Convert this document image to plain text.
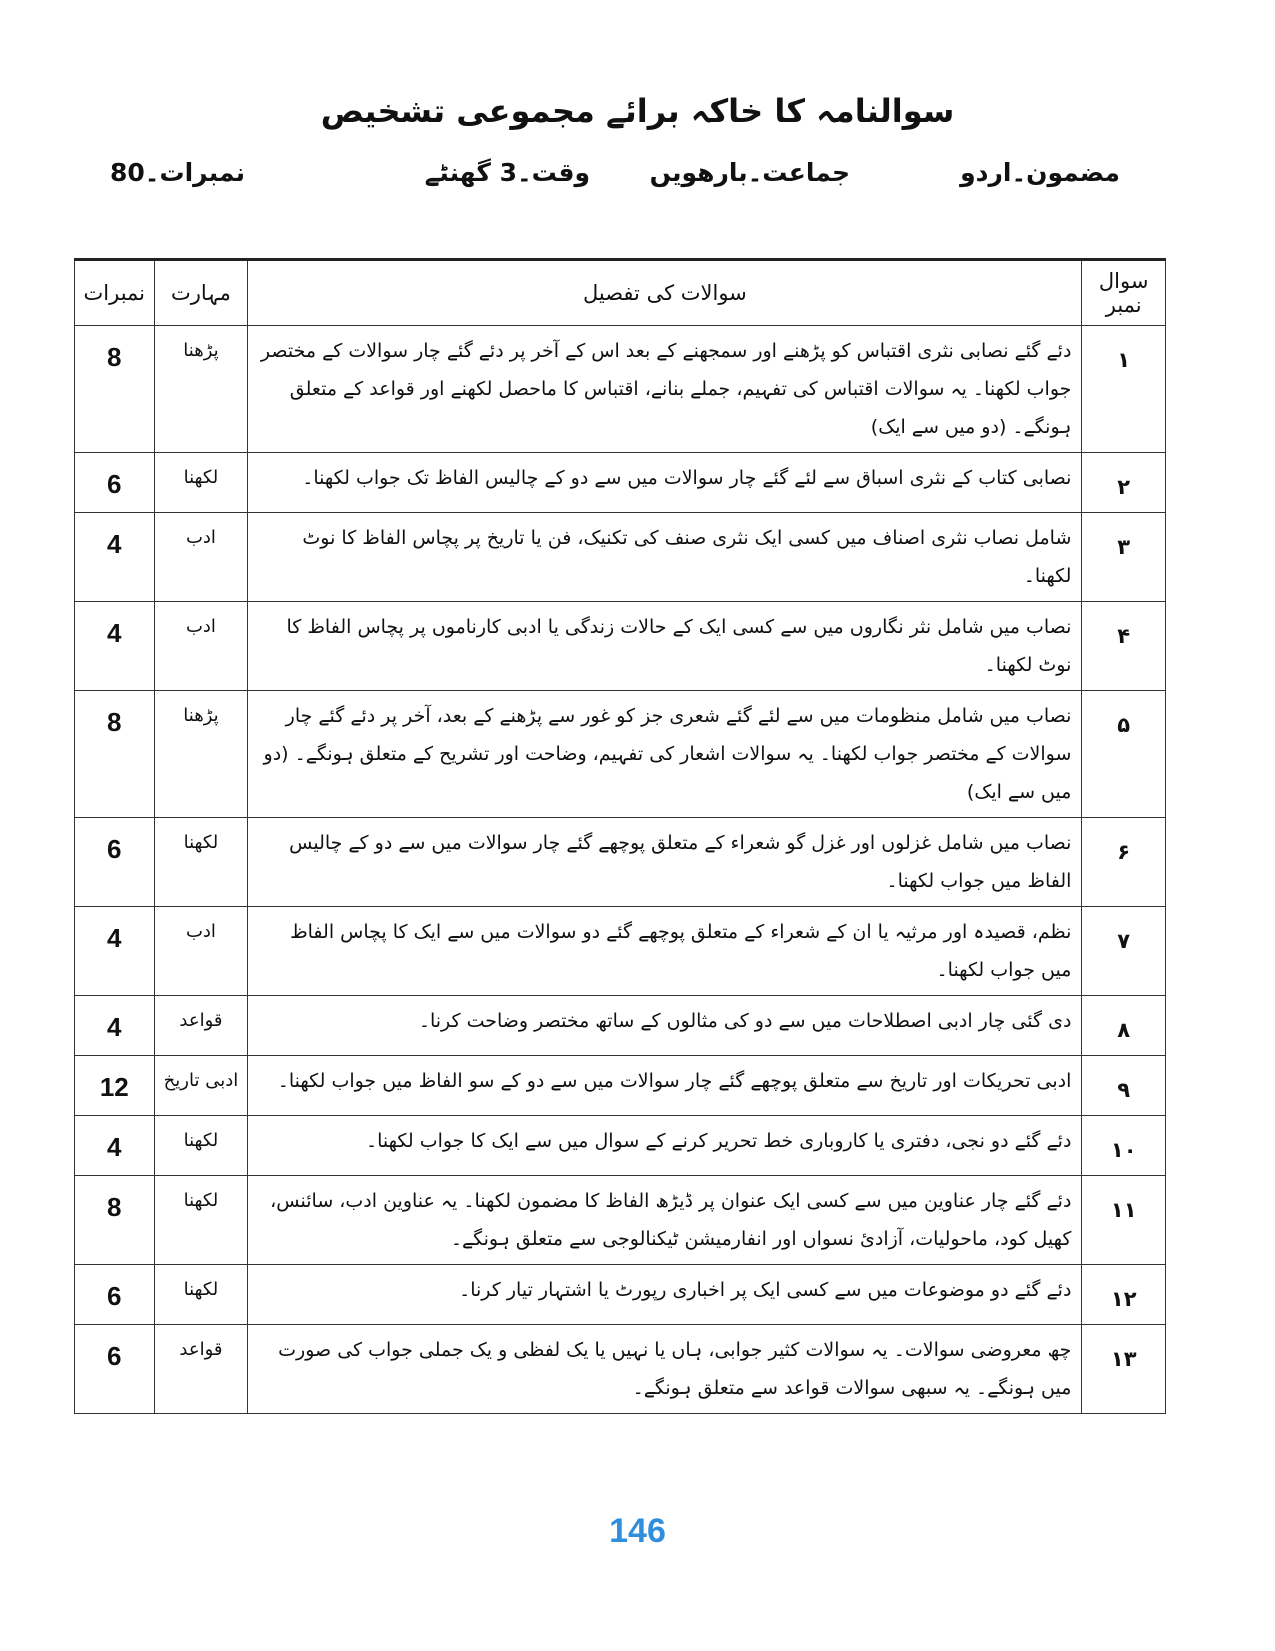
سوالنامہ کا خاکہ برائے مجموعی تشخیص
مضمون۔اردو
جماعت۔بارھویں
وقت۔3 گھنٹے
نمبرات۔80
سوال نمبر	سوالات کی تفصیل	مہارت	نمبرات
۱	دئے گئے نصابی نثری اقتباس کو پڑھنے اور سمجھنے کے بعد اس کے آخر پر دئے گئے چار سوالات کے مختصر جواب لکھنا۔ یہ سوالات اقتباس کی تفہیم، جملے بنانے، اقتباس کا ماحصل لکھنے اور قواعد کے متعلق ہونگے۔ (دو میں سے ایک)	پڑھنا	8
۲	نصابی کتاب کے نثری اسباق سے لئے گئے چار سوالات میں سے دو کے چالیس الفاظ تک جواب لکھنا۔	لکھنا	6
۳	شامل نصاب نثری اصناف میں کسی ایک نثری صنف کی تکنیک، فن یا تاریخ پر پچاس الفاظ کا نوٹ لکھنا۔	ادب	4
۴	نصاب میں شامل نثر نگاروں میں سے کسی ایک کے حالات زندگی یا ادبی کارناموں پر پچاس الفاظ کا نوٹ لکھنا۔	ادب	4
۵	نصاب میں شامل منظومات میں سے لئے گئے شعری جز کو غور سے پڑھنے کے بعد، آخر پر دئے گئے چار سوالات کے مختصر جواب لکھنا۔ یہ سوالات اشعار کی تفہیم، وضاحت اور تشریح کے متعلق ہونگے۔ (دو میں سے ایک)	پڑھنا	8
۶	نصاب میں شامل غزلوں اور غزل گو شعراء کے متعلق پوچھے گئے چار سوالات میں سے دو کے چالیس الفاظ میں جواب لکھنا۔	لکھنا	6
۷	نظم، قصیدہ اور مرثیہ یا ان کے شعراء کے متعلق پوچھے گئے دو سوالات میں سے ایک کا پچاس الفاظ میں جواب لکھنا۔	ادب	4
۸	دی گئی چار ادبی اصطلاحات میں سے دو کی مثالوں کے ساتھ مختصر وضاحت کرنا۔	قواعد	4
۹	ادبی تحریکات اور تاریخ سے متعلق پوچھے گئے چار سوالات میں سے دو کے سو الفاظ میں جواب لکھنا۔	ادبی تاریخ	12
۱۰	دئے گئے دو نجی، دفتری یا کاروباری خط تحریر کرنے کے سوال میں سے ایک کا جواب لکھنا۔	لکھنا	4
۱۱	دئے گئے چار عناوین میں سے کسی ایک عنوان پر ڈیڑھ الفاظ کا مضمون لکھنا۔ یہ عناوین ادب، سائنس، کھیل کود، ماحولیات، آزادئ نسواں اور انفارمیشن ٹیکنالوجی سے متعلق ہونگے۔	لکھنا	8
۱۲	دئے گئے دو موضوعات میں سے کسی ایک پر اخباری رپورٹ یا اشتہار تیار کرنا۔	لکھنا	6
۱۳	چھ معروضی سوالات۔ یہ سوالات کثیر جوابی، ہاں یا نہیں یا یک لفظی و یک جملی جواب کی صورت میں ہونگے۔ یہ سبھی سوالات قواعد سے متعلق ہونگے۔	قواعد	6
146
